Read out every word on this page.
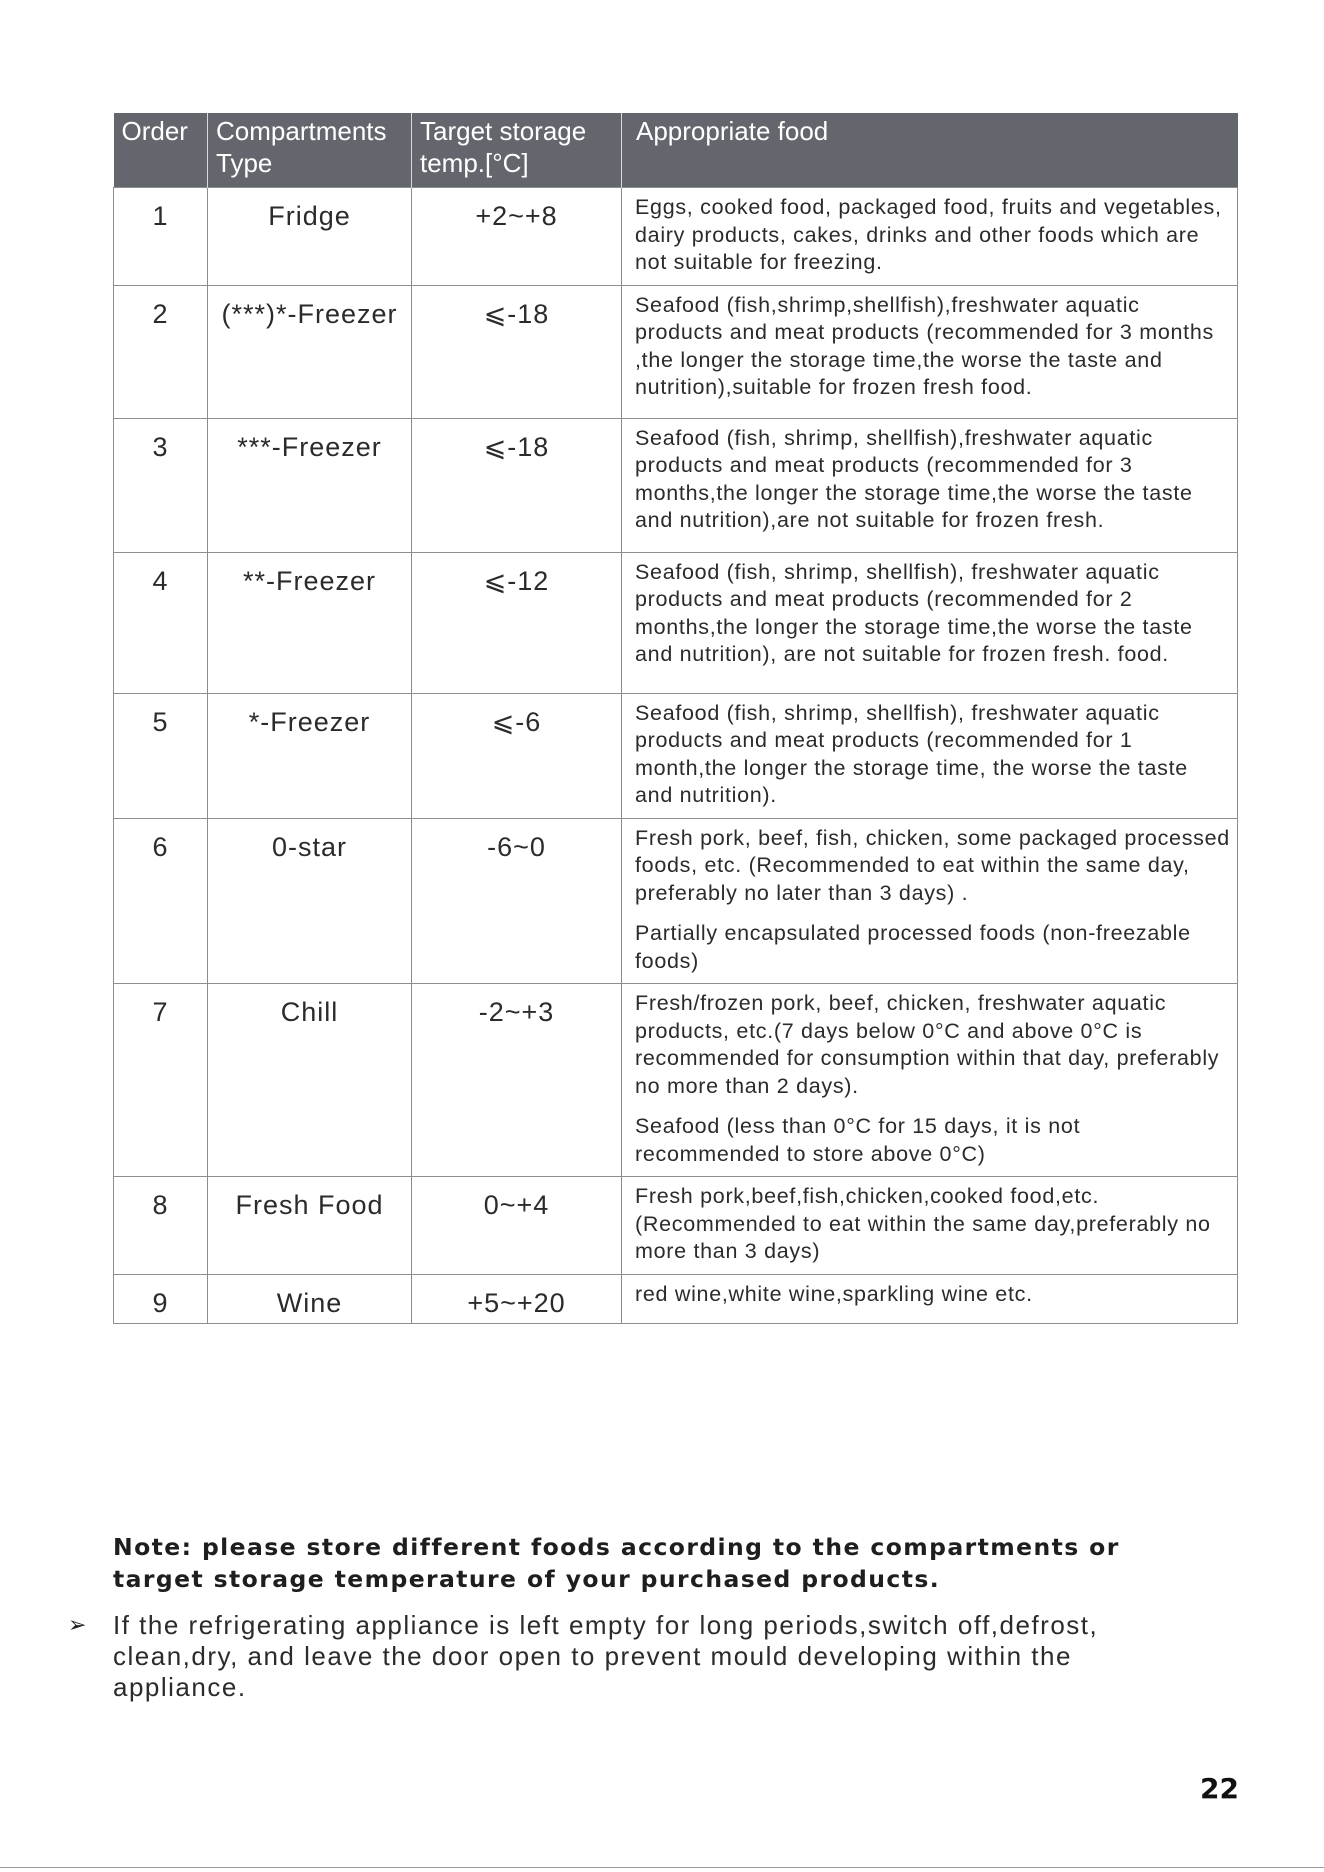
Order	Compartments Type	Target storage temp.[°C]	Appropriate food
1	Fridge	+2~+8	Eggs, cooked food, packaged food, fruits and vegetables, dairy products, cakes, drinks and other foods which are not suitable for freezing.

2	(***)*-Freezer	⩽-18	Seafood (fish,shrimp,shellfish),freshwater aquatic products and meat products (recommended for 3 months ,the longer the storage time,the worse the taste and nutrition),suitable for frozen fresh food.

3	***-Freezer	⩽-18	Seafood (fish, shrimp, shellfish),freshwater aquatic products and meat products (recommended for 3 months,the longer the storage time,the worse the taste and nutrition),are not suitable for frozen fresh.

4	**-Freezer	⩽-12	Seafood (fish, shrimp, shellfish), freshwater aquatic products and meat products (recommended for 2 months,the longer the storage time,the worse the taste and nutrition), are not suitable for frozen fresh. food.

5	*-Freezer	⩽-6	Seafood (fish, shrimp, shellfish), freshwater aquatic products and meat products (recommended for 1 month,the longer the storage time, the worse the taste and nutrition).

6	0-star	-6~0	Fresh pork, beef, fish, chicken, some packaged processed foods, etc. (Recommended to eat within the same day, preferably no later than 3 days) .

Partially encapsulated processed foods (non-freezable foods)

7	Chill	-2~+3	Fresh/frozen pork, beef, chicken, freshwater aquatic products, etc.(7 days below 0°C and above 0°C is recommended for consumption within that day, preferably no more than 2 days).

Seafood (less than 0°C for 15 days, it is not recommended to store above 0°C)

8	Fresh Food	0~+4	Fresh pork,beef,fish,chicken,cooked food,etc. (Recommended to eat within the same day,preferably no more than 3 days)

9	Wine	+5~+20	red wine,white wine,sparkling wine etc.

Note: please store different foods according to the compartments or target storage temperature of your purchased products.
➢ If the refrigerating appliance is left empty for long periods,switch off,defrost, clean,dry, and leave the door open to prevent mould developing within the appliance.
22
